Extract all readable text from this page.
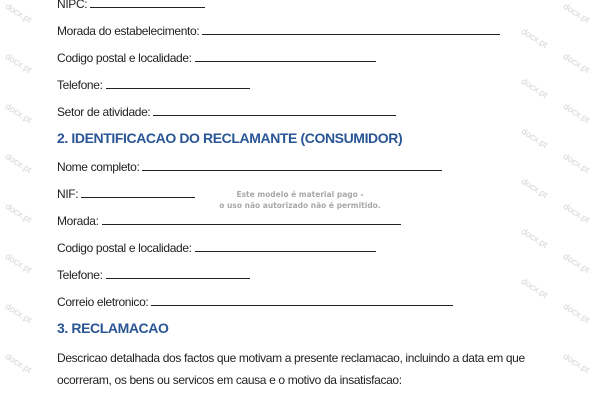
docx.pt	docx.pt
docx.pt
docx.pt	docx.pt
docx.pt
docx.pt	docx.pt
docx.pt
docx.pt	docx.pt
docx.pt
docx.pt	docx.pt
docx.pt
docx.pt	docx.pt
docx.pt
docx.pt	docx.pt
docx.pt	docx.pt
NIPC:
Morada do estabelecimento:
Codigo postal e localidade:
Telefone:
Setor de atividade:
2. IDENTIFICACAO DO RECLAMANTE (CONSUMIDOR)
Nome completo:
NIF:
Morada:
Codigo postal e localidade:
Telefone:
Correio eletronico:
3. RECLAMACAO
Descricao detalhada dos factos que motivam a presente reclamacao, incluindo a data em que ocorreram, os bens ou servicos em causa e o motivo da insatisfacao:
Este modelo é material pago -
o uso não autorizado não é permitido.
